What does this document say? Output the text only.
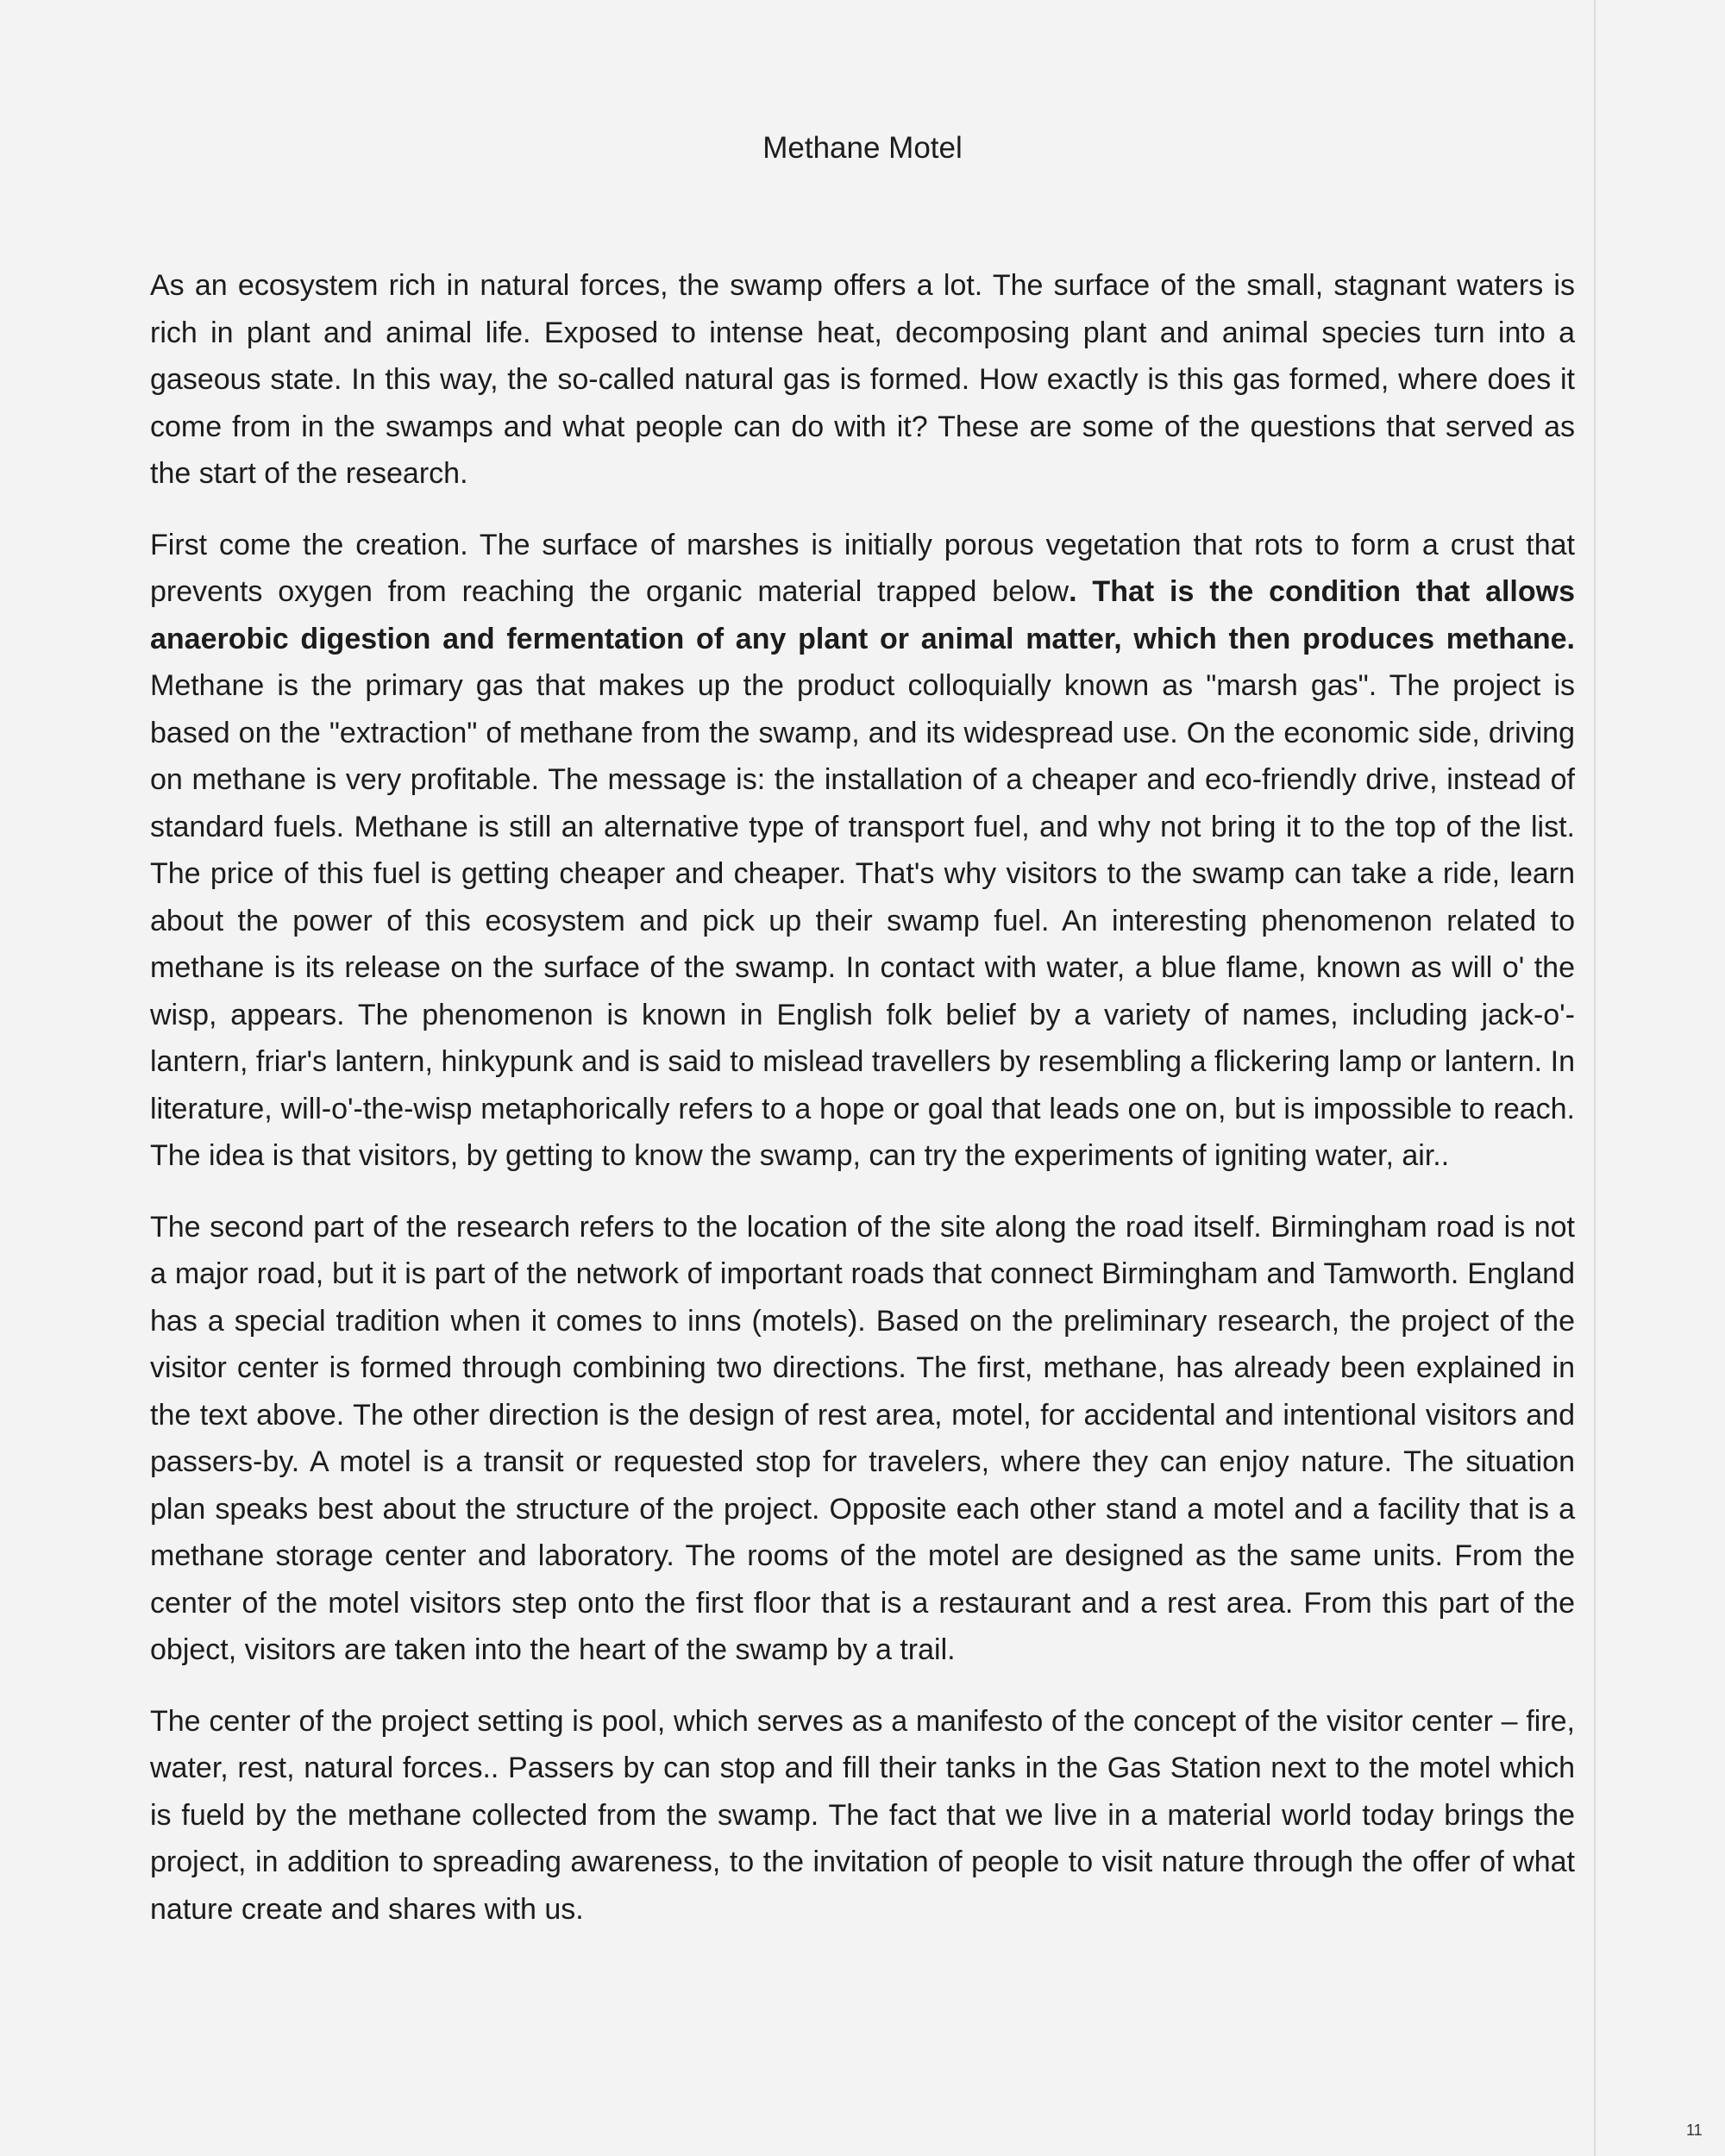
Methane Motel

As an ecosystem rich in natural forces, the swamp offers a lot. The surface of the small, stagnant waters is rich in plant and animal life. Exposed to intense heat, decomposing plant and animal species turn into a gaseous state. In this way, the so-called natural gas is formed. How exactly is this gas formed, where does it come from in the swamps and what people can do with it? These are some of the questions that served as the start of the research.

First come the creation. The surface of marshes is initially porous vegetation that rots to form a crust that prevents oxygen from reaching the organic material trapped below. That is the condition that allows anaerobic digestion and fermentation of any plant or animal matter, which then produces methane. Methane is the primary gas that makes up the product colloquially known as "marsh gas". The project is based on the "extraction" of methane from the swamp, and its widespread use. On the economic side, driving on methane is very profitable. The message is: the installation of a cheaper and eco-friendly drive, instead of standard fuels. Methane is still an alternative type of transport fuel, and why not bring it to the top of the list. The price of this fuel is getting cheaper and cheaper. That's why visitors to the swamp can take a ride, learn about the power of this ecosystem and pick up their swamp fuel. An interesting phenomenon related to methane is its release on the surface of the swamp. In contact with water, a blue flame, known as will o' the wisp, appears. The phenomenon is known in English folk belief by a variety of names, including jack-o'-lantern, friar's lantern, hinkypunk and is said to mislead travellers by resembling a flickering lamp or lantern. In literature, will-o'-the-wisp metaphorically refers to a hope or goal that leads one on, but is impossible to reach. The idea is that visitors, by getting to know the swamp, can try the experiments of igniting water, air..

The second part of the research refers to the location of the site along the road itself. Birmingham road is not a major road, but it is part of the network of important roads that connect Birmingham and Tamworth. England has a special tradition when it comes to inns (motels). Based on the preliminary research, the project of the visitor center is formed through combining two directions. The first, methane, has already been explained in the text above. The other direction is the design of rest area, motel, for accidental and intentional visitors and passers-by. A motel is a transit or requested stop for travelers, where they can enjoy nature. The situation plan speaks best about the structure of the project. Opposite each other stand a motel and a facility that is a methane storage center and laboratory. The rooms of the motel are designed as the same units. From the center of the motel visitors step onto the first floor that is a restaurant and a rest area. From this part of the object, visitors are taken into the heart of the swamp by a trail.

The center of the project setting is pool, which serves as a manifesto of the concept of the visitor center – fire, water, rest, natural forces.. Passers by can stop and fill their tanks in the Gas Station next to the motel which is fueld by the methane collected from the swamp. The fact that we live in a material world today brings the project, in addition to spreading awareness, to the invitation of people to visit nature through the offer of what nature create and shares with us.

11
